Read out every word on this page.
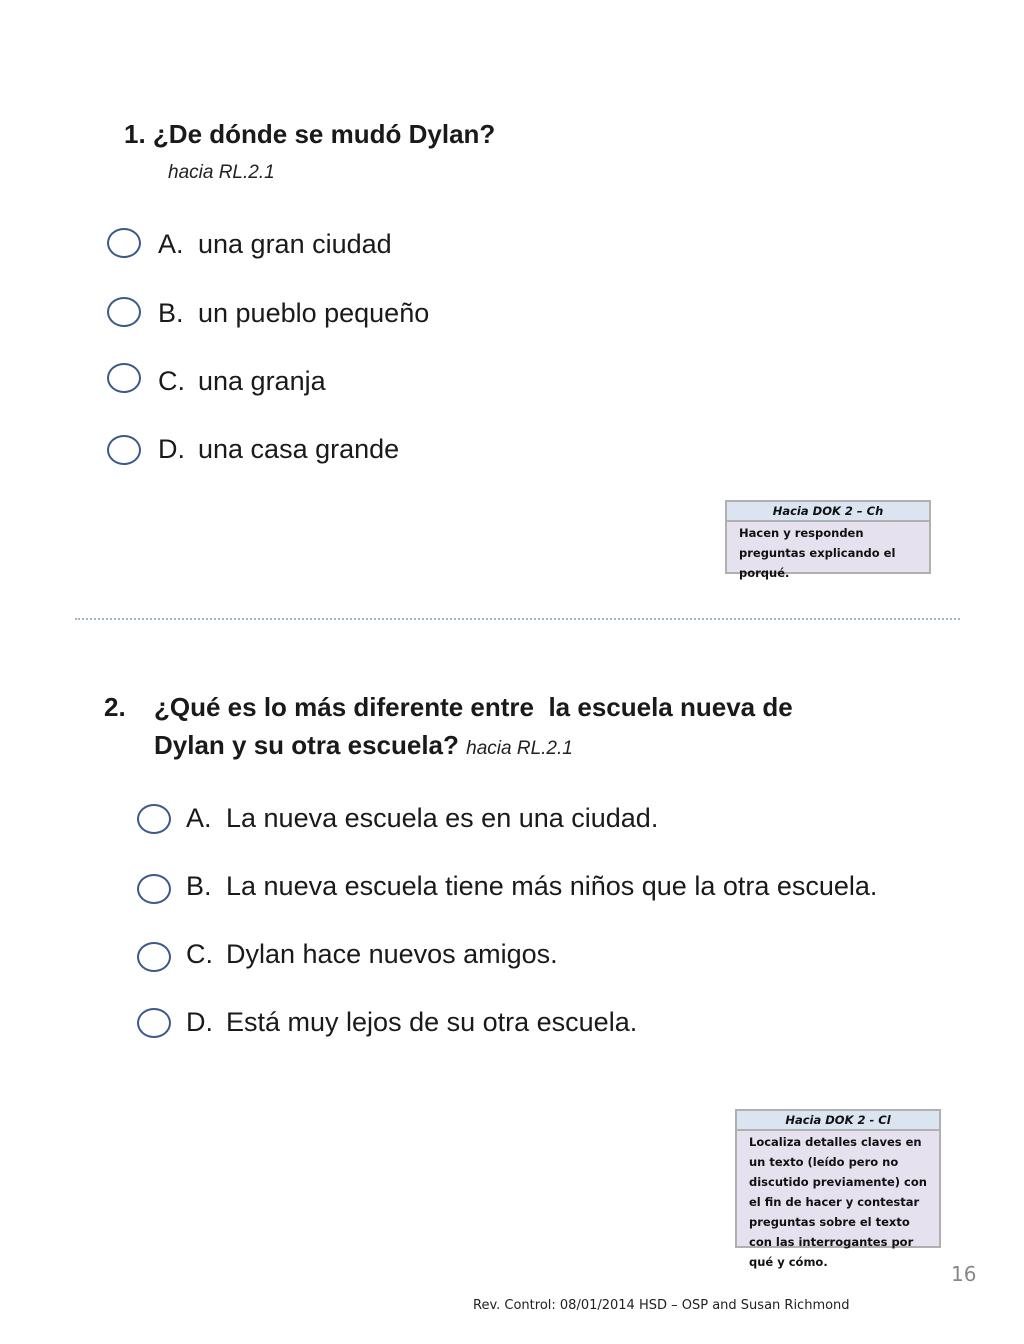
1. ¿De dónde se mudó Dylan?
hacia RL.2.1
A. una gran ciudad
B. un pueblo pequeño
C. una granja
D. una casa grande
Hacia DOK 2 – Ch
Hacen y responden preguntas explicando el porqué.
2. ¿Qué es lo más diferente entre  la escuela nueva de
Dylan y su otra escuela? hacia RL.2.1
A. La nueva escuela es en una ciudad.
B. La nueva escuela tiene más niños que la otra escuela.
C. Dylan hace nuevos amigos.
D. Está muy lejos de su otra escuela.
Hacia DOK 2 - Cl
Localiza detalles claves en un texto (leído pero no discutido previamente) con el fin de hacer y contestar preguntas sobre el texto con las interrogantes por qué y cómo.	16
Rev. Control: 08/01/2014 HSD – OSP and Susan Richmond
